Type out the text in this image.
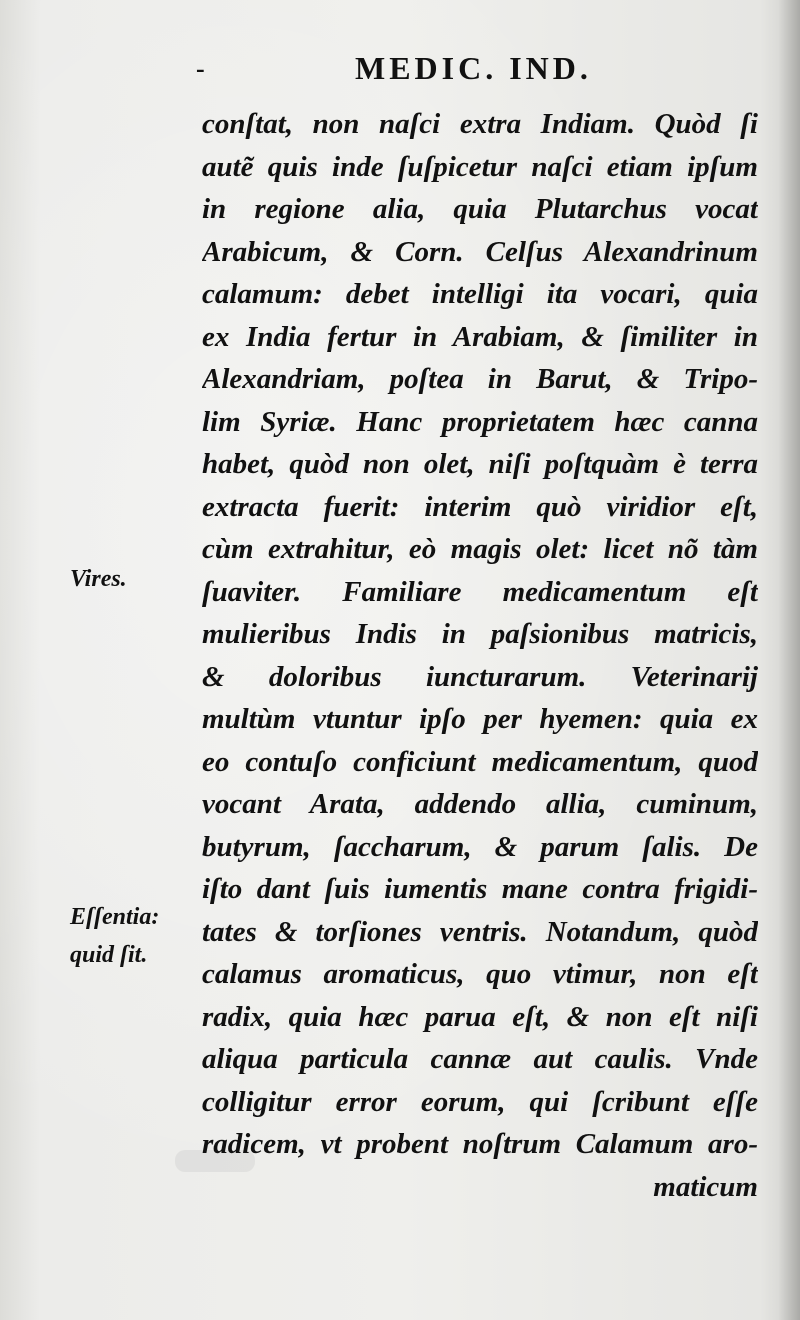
-	MEDIC. IND.
Vires.
Eſſentia:
quid ſit.
conſtat, non naſci extra Indiam. Quòd ſi
autẽ quis inde ſuſpicetur naſci etiam ipſum
in regione alia, quia Plutarchus vocat
Arabicum, & Corn. Celſus Alexandrinum
calamum: debet intelligi ita vocari, quia
ex India fertur in Arabiam, & ſimiliter in
Alexandriam, poſtea in Barut, & Tripo-
lim Syriæ. Hanc proprietatem hæc canna
habet, quòd non olet, niſi poſtquàm è terra
extracta fuerit: interim quò viridior eſt,
cùm extrahitur, eò magis olet: licet nõ tàm
ſuaviter. Familiare medicamentum eſt
mulieribus Indis in paſsionibus matricis,
& doloribus iuncturarum. Veterinarij
multùm vtuntur ipſo per hyemen: quia ex
eo contuſo conficiunt medicamentum, quod
vocant Arata, addendo allia, cuminum,
butyrum, ſaccharum, & parum ſalis. De
iſto dant ſuis iumentis mane contra frigidi-
tates & torſiones ventris. Notandum, quòd
calamus aromaticus, quo vtimur, non eſt
radix, quia hæc parua eſt, & non eſt niſi
aliqua particula cannæ aut caulis. Vnde
colligitur error eorum, qui ſcribunt eſſe
radicem, vt probent noſtrum Calamum aro-
maticum
